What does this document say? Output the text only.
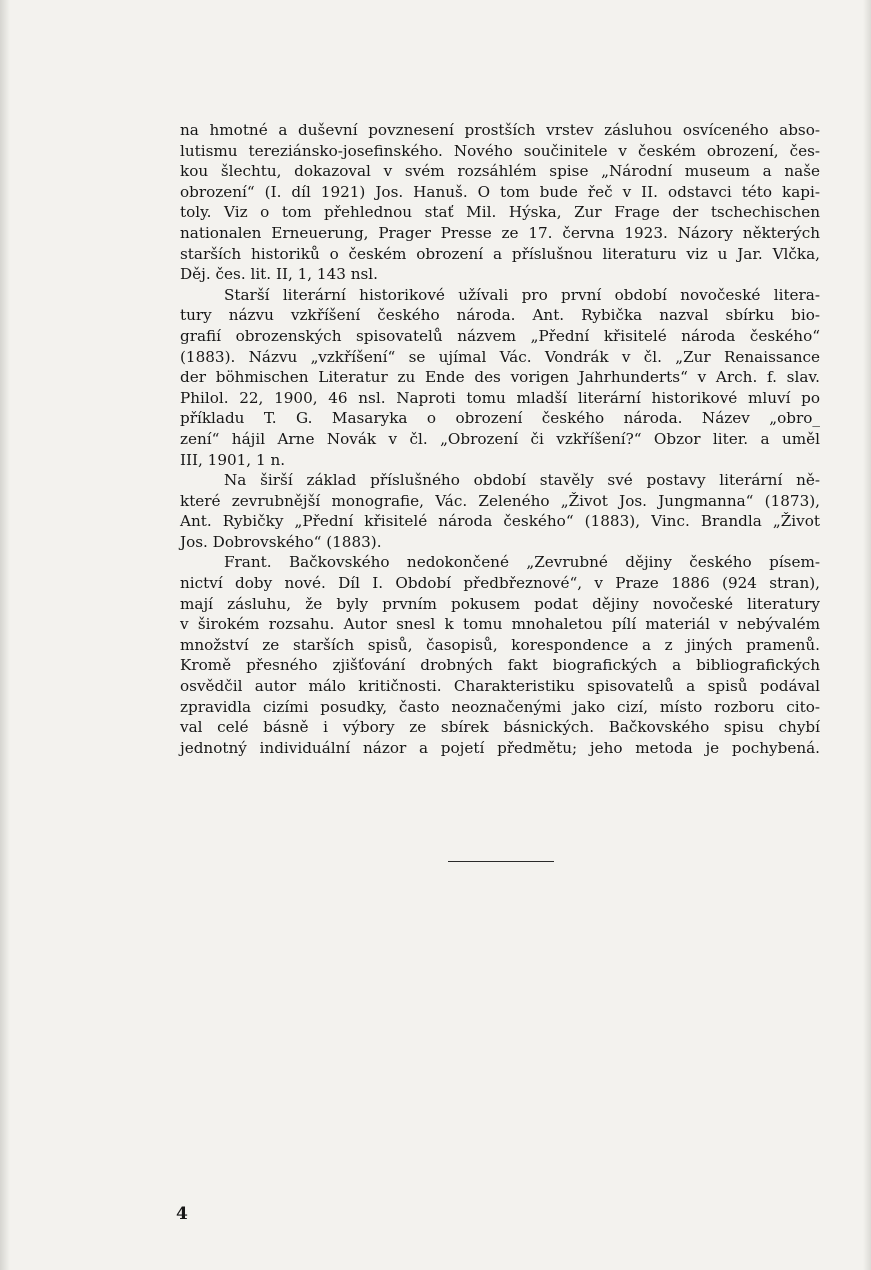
na hmotné a duševní povznesení prostších vrstev zásluhou osvíceného abso-
lutismu tereziánsko-josefinského. Nového součinitele v českém obrození, čes-
kou šlechtu, dokazoval v svém rozsáhlém spise „Národní museum a naše
obrození“ (I. díl 1921) Jos. Hanuš. O tom bude řeč v II. odstavci této kapi-
toly. Viz o tom přehlednou stať Mil. Hýska, Zur Frage der tschechischen
nationalen Erneuerung, Prager Presse ze 17. června 1923. Názory některých
starších historiků o českém obrození a příslušnou literaturu viz u Jar. Vlčka,
Děj. čes. lit. II, 1, 143 nsl.

Starší literární historikové užívali pro první období novočeské litera-
tury názvu vzkříšení českého národa. Ant. Rybička nazval sbírku bio-
grafií obrozenských spisovatelů názvem „Přední křisitelé národa českého“
(1883). Názvu „vzkříšení“ se ujímal Vác. Vondrák v čl. „Zur Renaissance
der böhmischen Literatur zu Ende des vorigen Jahrhunderts“ v Arch. f. slav.
Philol. 22, 1900, 46 nsl. Naproti tomu mladší literární historikové mluví po
příkladu T. G. Masaryka o obrození českého národa. Název „obro_
zení“ hájil Arne Novák v čl. „Obrození či vzkříšení?“ Obzor liter. a uměl
III, 1901, 1 n.

Na širší základ příslušného období stavěly své postavy literární ně-
které zevrubnější monografie, Vác. Zeleného „Život Jos. Jungmanna“ (1873),
Ant. Rybičky „Přední křisitelé národa českého“ (1883), Vinc. Brandla „Život
Jos. Dobrovského“ (1883).

Frant. Bačkovského nedokončené „Zevrubné dějiny českého písem-
nictví doby nové. Díl I. Období předbřeznové“, v Praze 1886 (924 stran),
mají zásluhu, že byly prvním pokusem podat dějiny novočeské literatury
v širokém rozsahu. Autor snesl k tomu mnohaletou pílí materiál v nebývalém
množství ze starších spisů, časopisů, korespondence a z jiných pramenů.
Kromě přesného zjišťování drobných fakt biografických a bibliografických
osvědčil autor málo kritičnosti. Charakteristiku spisovatelů a spisů podával
zpravidla cizími posudky, často neoznačenými jako cizí, místo rozboru cito-
val celé básně i výbory ze sbírek básnických. Bačkovského spisu chybí
jednotný individuální názor a pojetí předmětu; jeho metoda je pochybená.

4
